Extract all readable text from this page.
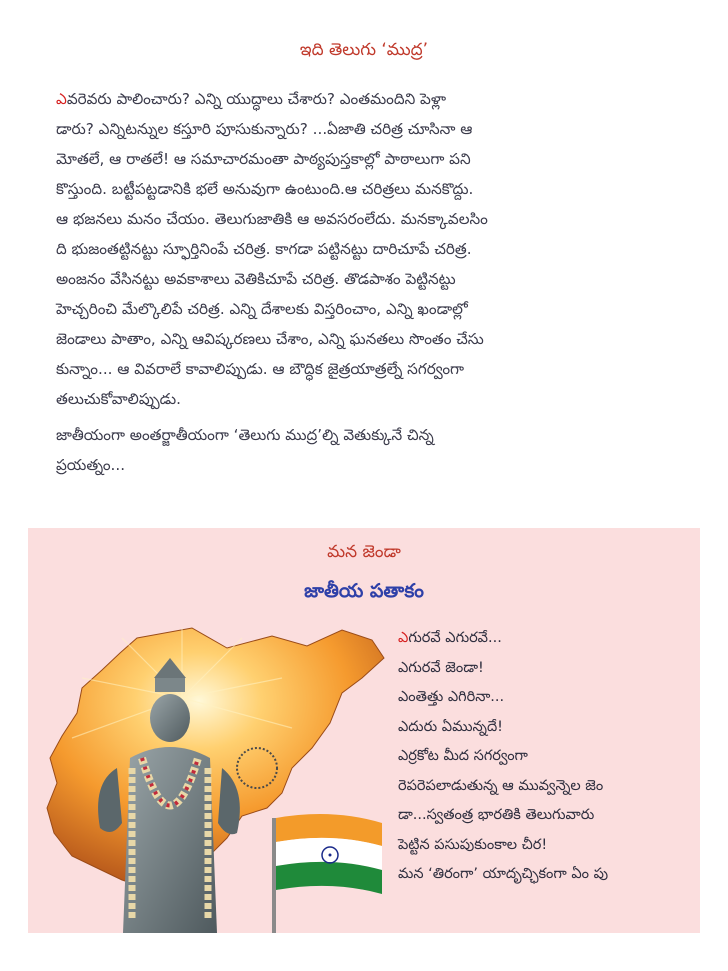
ఇది తెలుగు ‘ముద్ర’

ఎవరెవరు పాలించారు? ఎన్ని యుద్ధాలు చేశారు? ఎంతమందిని పెళ్లా
డారు? ఎన్నిటన్నుల కస్తూరి పూసుకున్నారు? ...ఏజాతి చరిత్ర చూసినా ఆ
మోతలే, ఆ రాతలే! ఆ సమాచారమంతా పాఠ్యపుస్తకాల్లో పాఠాలుగా పని
కొస్తుంది. బట్టీపట్టడానికి భలే అనువుగా ఉంటుంది.ఆ చరిత్రలు మనకొద్దు.
ఆ భజనలు మనం చేయం. తెలుగుజాతికి ఆ అవసరంలేదు. మనక్కావలసిం
ది భుజంతట్టినట్టు స్ఫూర్తినింపే చరిత్ర. కాగడా పట్టినట్టు దారిచూపే చరిత్ర.
అంజనం వేసినట్టు అవకాశాలు వెతికిచూపే చరిత్ర. తొడపాశం పెట్టినట్టు
హెచ్చరించి మేల్కొలిపే చరిత్ర. ఎన్ని దేశాలకు విస్తరించాం, ఎన్ని ఖండాల్లో
జెండాలు పాతాం, ఎన్ని ఆవిష్కరణలు చేశాం, ఎన్ని ఘనతలు సొంతం చేసు
కున్నాం... ఆ వివరాలే కావాలిప్పుడు. ఆ బౌద్ధిక జైత్రయాత్రల్నే సగర్వంగా
తలుచుకోవాలిప్పుడు.

జాతీయంగా అంతర్జాతీయంగా ‘తెలుగు ముద్ర’ల్ని వెతుక్కునే చిన్న
ప్రయత్నం...

మన జెండా
జాతీయ పతాకం
ఎగురవే ఎగురవే...
ఎగురవే జెండా!
ఎంతెత్తు ఎగిరినా...
ఎదురు ఏమున్నదే!
ఎర్రకోట మీద సగర్వంగా
రెపరెపలాడుతున్న ఆ మువ్వన్నెల జెం
డా...స్వతంత్ర భారతికి తెలుగువారు
పెట్టిన పసుపుకుంకాల చీర!
మన ‘తిరంగా’ యాదృచ్ఛికంగా ఏం పు
